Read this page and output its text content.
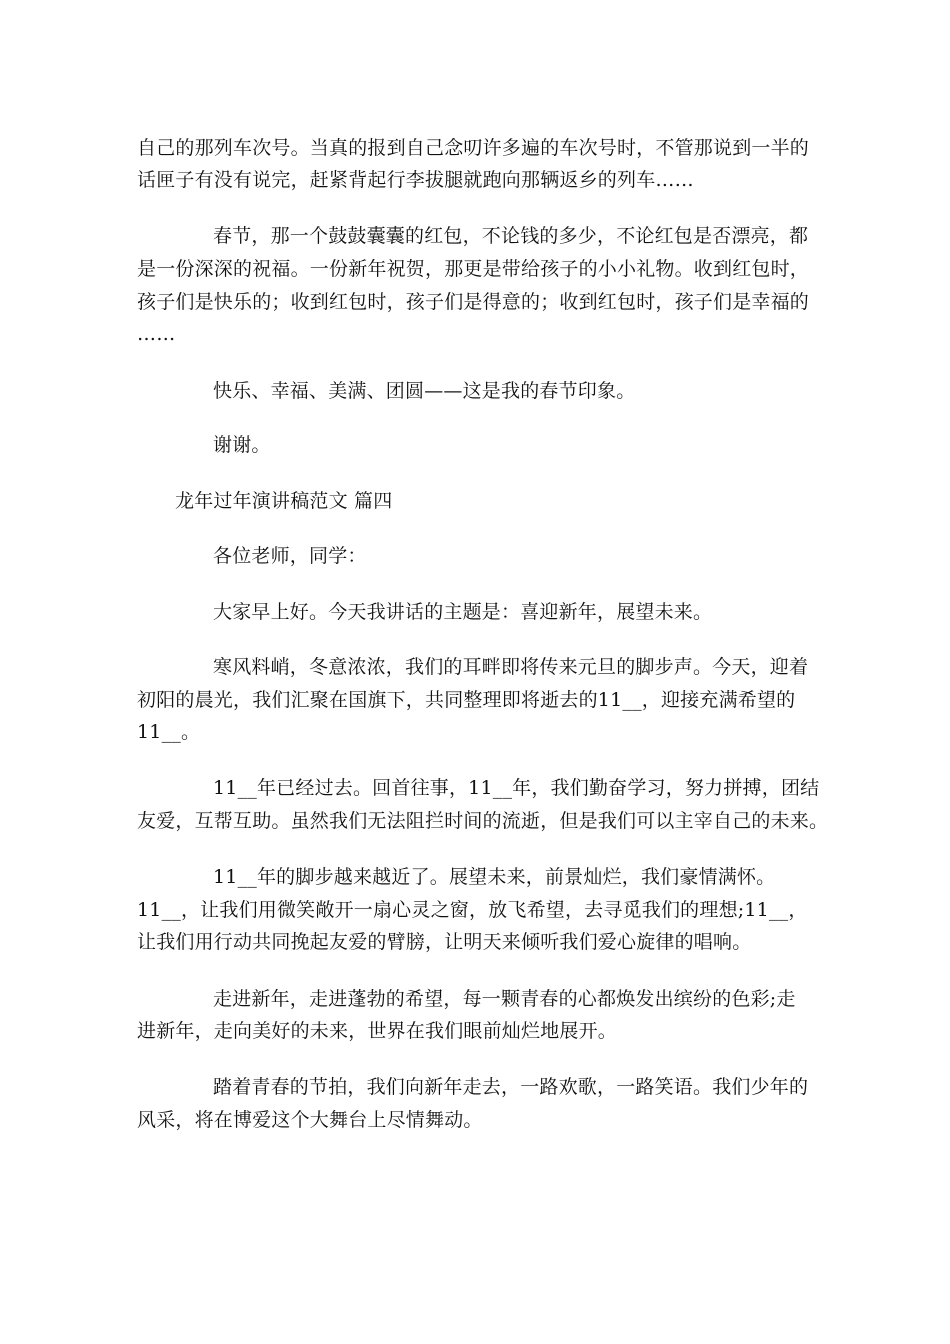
自己的那列车次号。当真的报到自己念叨许多遍的车次号时，不管那说到一半的
话匣子有没有说完，赶紧背起行李拔腿就跑向那辆返乡的列车……
春节，那一个鼓鼓囊囊的红包，不论钱的多少，不论红包是否漂亮，都
是一份深深的祝福。一份新年祝贺，那更是带给孩子的小小礼物。收到红包时，
孩子们是快乐的；收到红包时，孩子们是得意的；收到红包时，孩子们是幸福的
……
快乐、幸福、美满、团圆——这是我的春节印象。
谢谢。
龙年过年演讲稿范文 篇四
各位老师，同学：
大家早上好。今天我讲话的主题是：喜迎新年，展望未来。
寒风料峭，冬意浓浓，我们的耳畔即将传来元旦的脚步声。今天，迎着
初阳的晨光，我们汇聚在国旗下，共同整理即将逝去的11__，迎接充满希望的
11__。
11__年已经过去。回首往事，11__年，我们勤奋学习，努力拼搏，团结
友爱，互帮互助。虽然我们无法阻拦时间的流逝，但是我们可以主宰自己的未来。
11__年的脚步越来越近了。展望未来，前景灿烂，我们豪情满怀。
11__，让我们用微笑敞开一扇心灵之窗，放飞希望，去寻觅我们的理想;11__，
让我们用行动共同挽起友爱的臂膀，让明天来倾听我们爱心旋律的唱响。
走进新年，走进蓬勃的希望，每一颗青春的心都焕发出缤纷的色彩;走
进新年，走向美好的未来，世界在我们眼前灿烂地展开。
踏着青春的节拍，我们向新年走去，一路欢歌，一路笑语。我们少年的
风采，将在博爱这个大舞台上尽情舞动。
